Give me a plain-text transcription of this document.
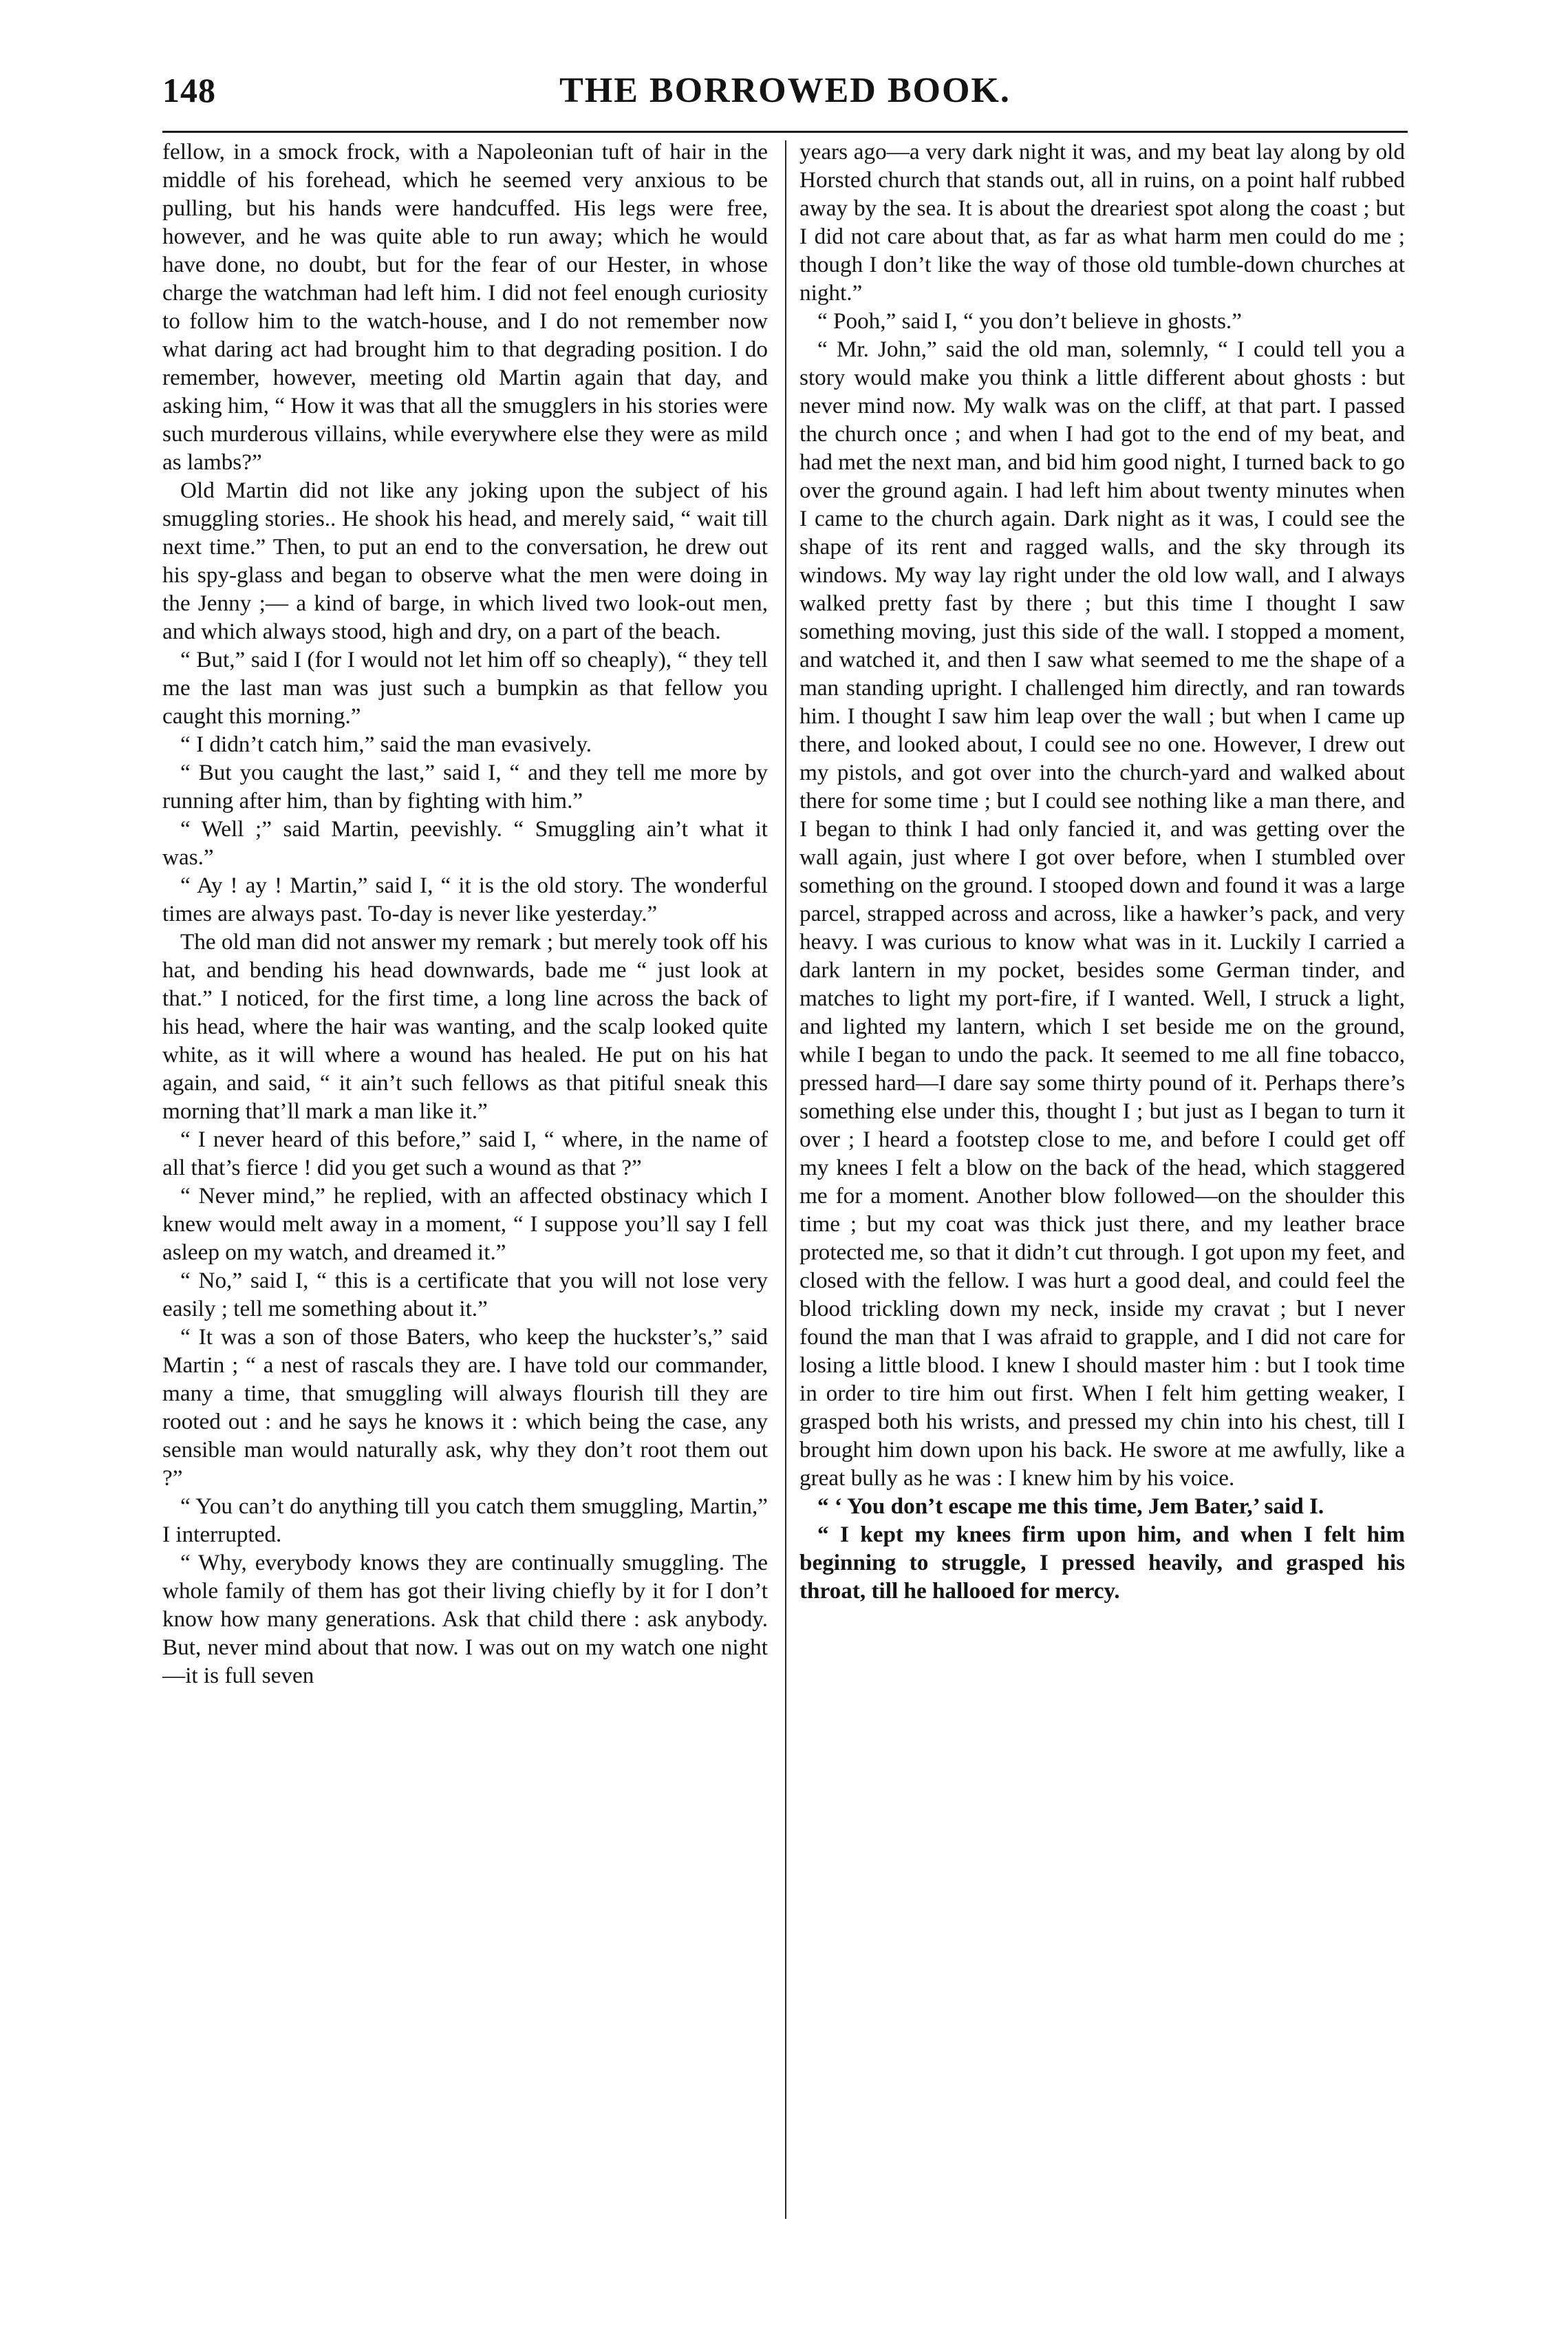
148	THE BORROWED BOOK.

fellow, in a smock frock, with a Napoleonian tuft of hair in the middle of his forehead, which he seemed very anxious to be pulling, but his hands were handcuffed. His legs were free, however, and he was quite able to run away; which he would have done, no doubt, but for the fear of our Hester, in whose charge the watchman had left him. I did not feel enough curiosity to follow him to the watch-house, and I do not remember now what daring act had brought him to that degrading position. I do remember, however, meeting old Martin again that day, and asking him, “ How it was that all the smugglers in his stories were such murderous villains, while everywhere else they were as mild as lambs?”

Old Martin did not like any joking upon the subject of his smuggling stories.. He shook his head, and merely said, “ wait till next time.” Then, to put an end to the conversation, he drew out his spy-glass and began to observe what the men were doing in the Jenny ;— a kind of barge, in which lived two look-out men, and which always stood, high and dry, on a part of the beach.

“ But,” said I (for I would not let him off so cheaply), “ they tell me the last man was just such a bumpkin as that fellow you caught this morning.”

“ I didn’t catch him,” said the man evasively.

“ But you caught the last,” said I, “ and they tell me more by running after him, than by fighting with him.”

“ Well ;” said Martin, peevishly. “ Smuggling ain’t what it was.”

“ Ay ! ay ! Martin,” said I, “ it is the old story. The wonderful times are always past. To-day is never like yesterday.”

The old man did not answer my remark ; but merely took off his hat, and bending his head downwards, bade me “ just look at that.” I noticed, for the first time, a long line across the back of his head, where the hair was wanting, and the scalp looked quite white, as it will where a wound has healed. He put on his hat again, and said, “ it ain’t such fellows as that pitiful sneak this morning that’ll mark a man like it.”

“ I never heard of this before,” said I, “ where, in the name of all that’s fierce ! did you get such a wound as that ?”

“ Never mind,” he replied, with an affected obstinacy which I knew would melt away in a moment, “ I suppose you’ll say I fell asleep on my watch, and dreamed it.”

“ No,” said I, “ this is a certificate that you will not lose very easily ; tell me something about it.”

“ It was a son of those Baters, who keep the huckster’s,” said Martin ; “ a nest of rascals they are. I have told our commander, many a time, that smuggling will always flourish till they are rooted out : and he says he knows it : which being the case, any sensible man would naturally ask, why they don’t root them out ?”

“ You can’t do anything till you catch them smuggling, Martin,” I interrupted.

“ Why, everybody knows they are continually smuggling. The whole family of them has got their living chiefly by it for I don’t know how many generations. Ask that child there : ask anybody. But, never mind about that now. I was out on my watch one night—it is full seven

years ago—a very dark night it was, and my beat lay along by old Horsted church that stands out, all in ruins, on a point half rubbed away by the sea. It is about the dreariest spot along the coast ; but I did not care about that, as far as what harm men could do me ; though I don’t like the way of those old tumble-down churches at night.”

“ Pooh,” said I, “ you don’t believe in ghosts.”

“ Mr. John,” said the old man, solemnly, “ I could tell you a story would make you think a little different about ghosts : but never mind now. My walk was on the cliff, at that part. I passed the church once ; and when I had got to the end of my beat, and had met the next man, and bid him good night, I turned back to go over the ground again. I had left him about twenty minutes when I came to the church again. Dark night as it was, I could see the shape of its rent and ragged walls, and the sky through its windows. My way lay right under the old low wall, and I always walked pretty fast by there ; but this time I thought I saw something moving, just this side of the wall. I stopped a moment, and watched it, and then I saw what seemed to me the shape of a man standing upright. I challenged him directly, and ran towards him. I thought I saw him leap over the wall ; but when I came up there, and looked about, I could see no one. However, I drew out my pistols, and got over into the church-yard and walked about there for some time ; but I could see nothing like a man there, and I began to think I had only fancied it, and was getting over the wall again, just where I got over before, when I stumbled over something on the ground. I stooped down and found it was a large parcel, strapped across and across, like a hawker’s pack, and very heavy. I was curious to know what was in it. Luckily I carried a dark lantern in my pocket, besides some German tinder, and matches to light my port-fire, if I wanted. Well, I struck a light, and lighted my lantern, which I set beside me on the ground, while I began to undo the pack. It seemed to me all fine tobacco, pressed hard—I dare say some thirty pound of it. Perhaps there’s something else under this, thought I ; but just as I began to turn it over ; I heard a footstep close to me, and before I could get off my knees I felt a blow on the back of the head, which staggered me for a moment. Another blow followed—on the shoulder this time ; but my coat was thick just there, and my leather brace protected me, so that it didn’t cut through. I got upon my feet, and closed with the fellow. I was hurt a good deal, and could feel the blood trickling down my neck, inside my cravat ; but I never found the man that I was afraid to grapple, and I did not care for losing a little blood. I knew I should master him : but I took time in order to tire him out first. When I felt him getting weaker, I grasped both his wrists, and pressed my chin into his chest, till I brought him down upon his back. He swore at me awfully, like a great bully as he was : I knew him by his voice.

“ ‘ You don’t escape me this time, Jem Bater,’ said I.

“ I kept my knees firm upon him, and when I felt him beginning to struggle, I pressed heavily, and grasped his throat, till he hallooed for mercy.
